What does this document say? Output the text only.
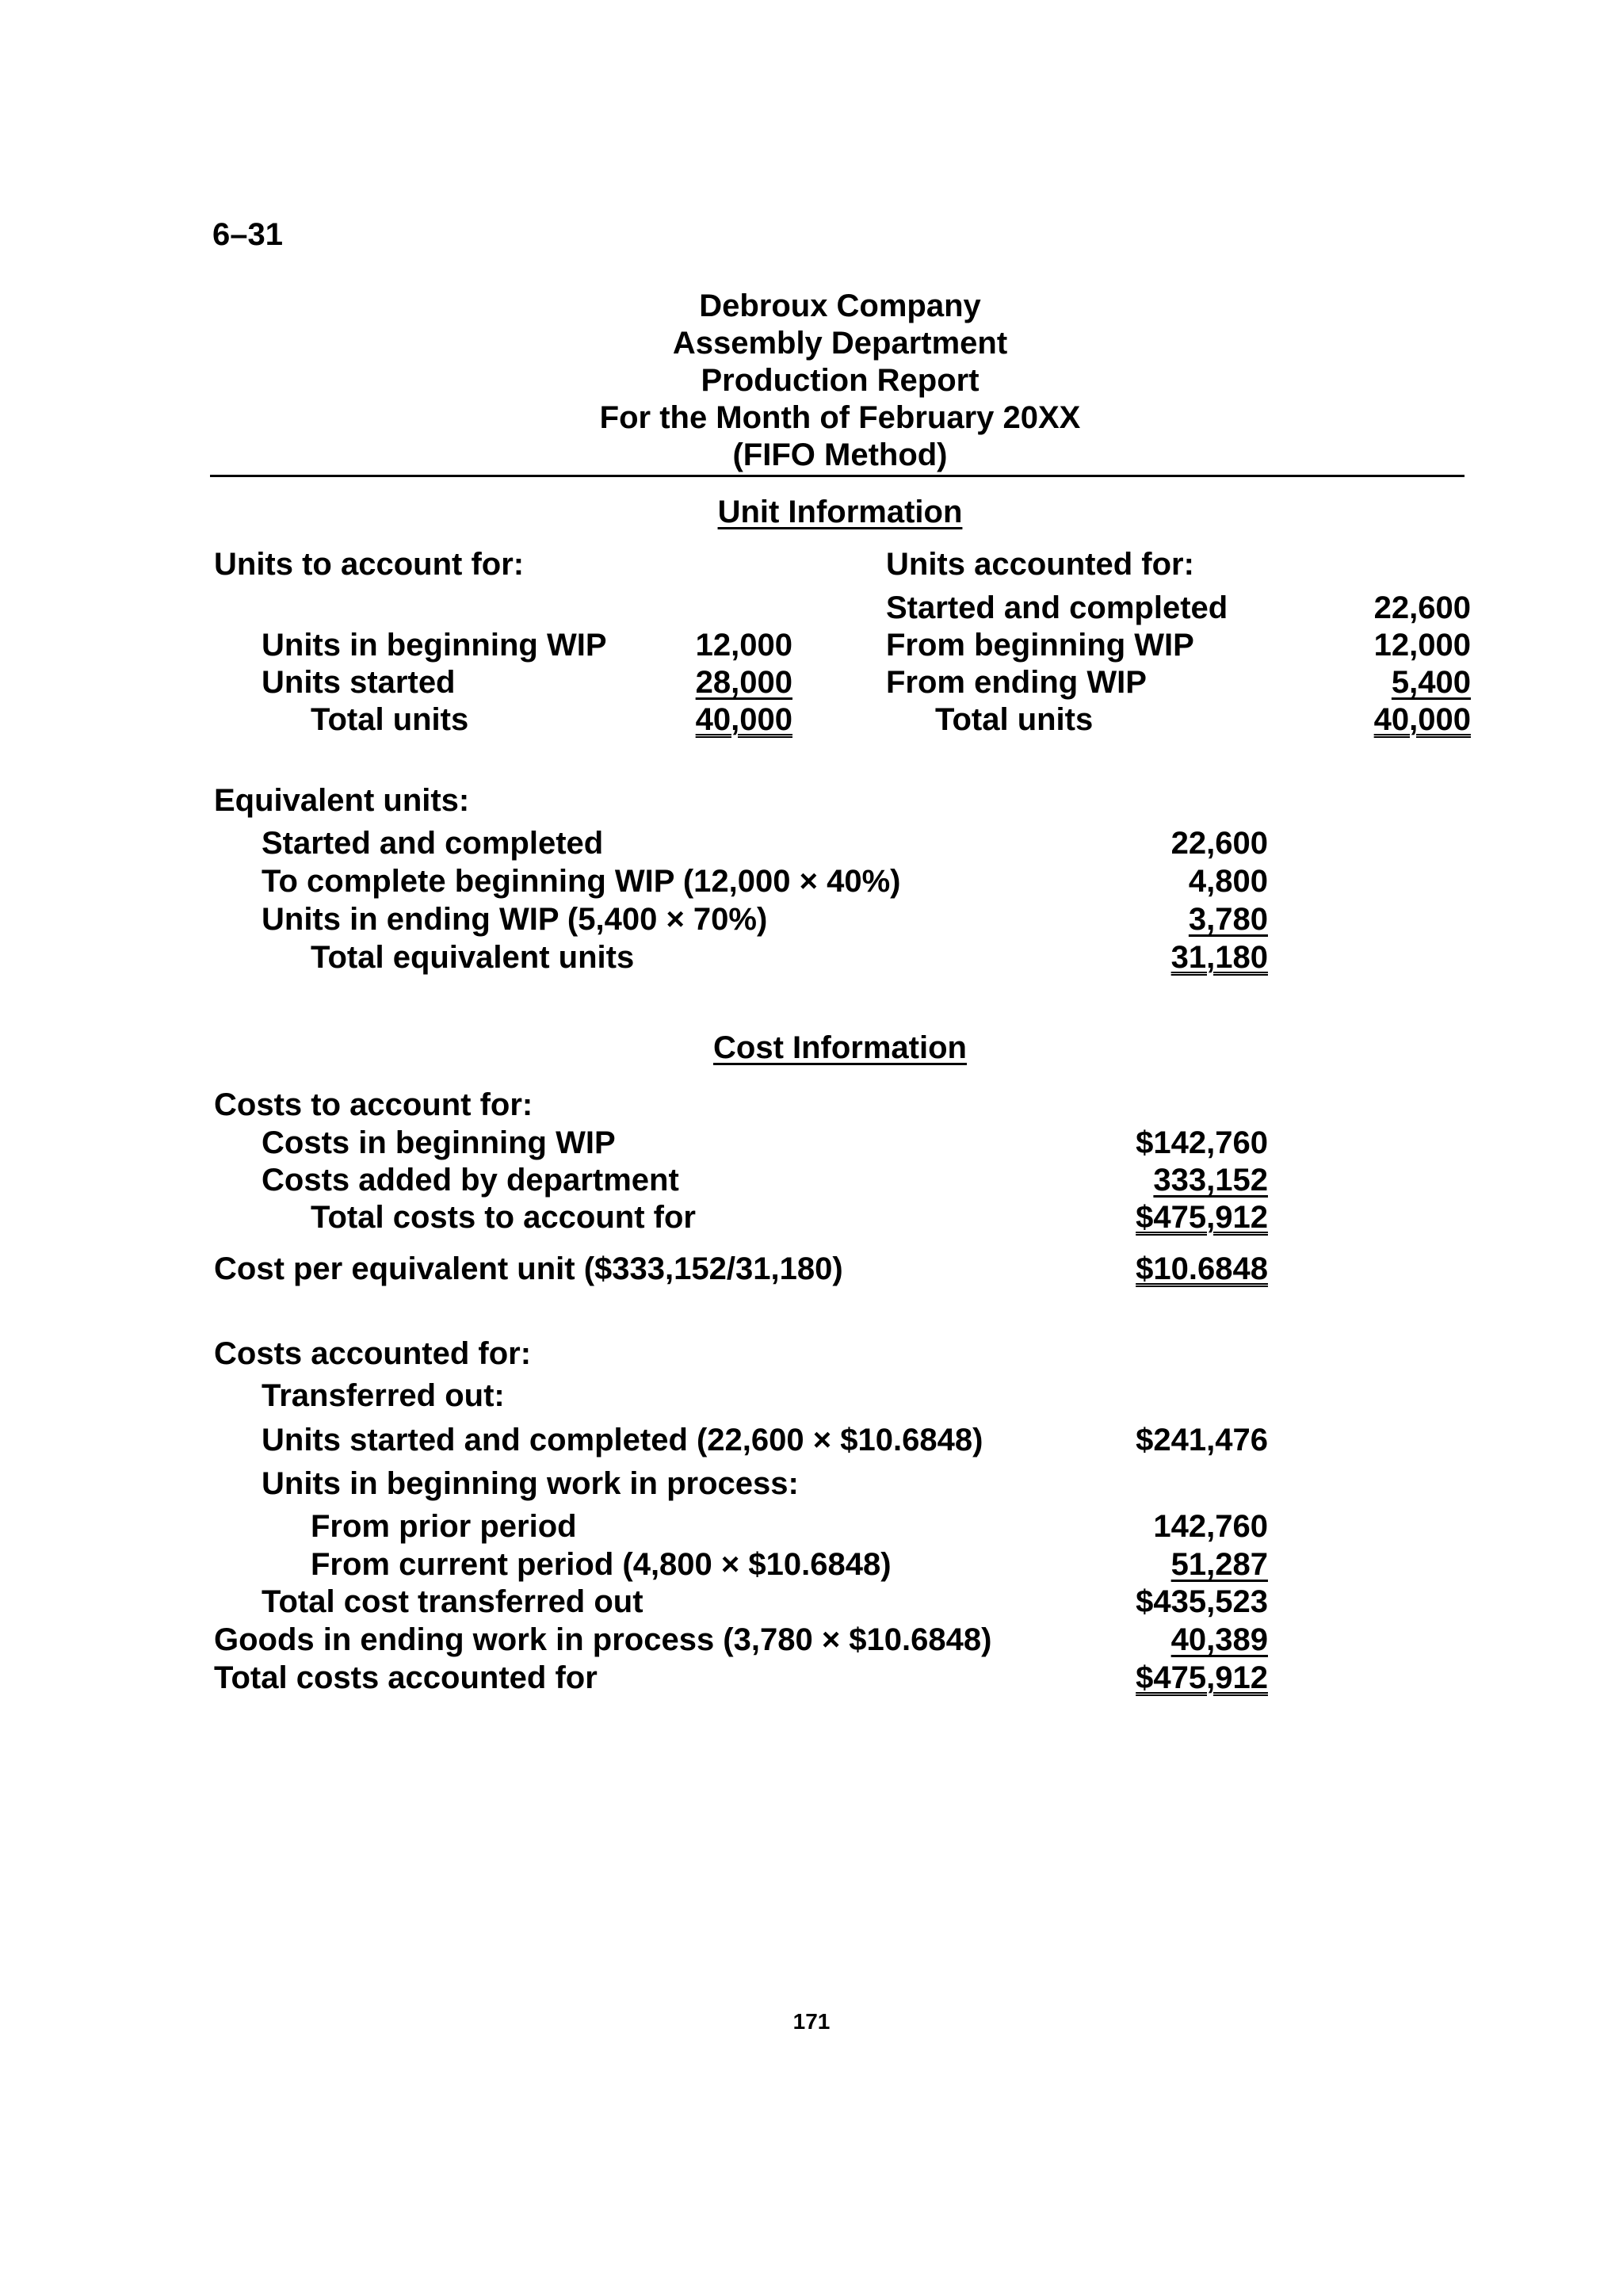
6–31
Debroux Company
Assembly Department
Production Report
For the Month of February 20XX
(FIFO Method)
Unit Information
Units to account for:
Units in beginning WIP	12,000
Units started	28,000
Total units	40,000
Units accounted for:
Started and completed	22,600
From beginning WIP	12,000
From ending WIP	5,400
Total units	40,000
Equivalent units:
Started and completed	22,600
To complete beginning WIP (12,000 × 40%)	4,800
Units in ending WIP (5,400 × 70%)	3,780
Total equivalent units	31,180
Cost Information
Costs to account for:
Costs in beginning WIP	$142,760
Costs added by department	333,152
Total costs to account for	$475,912
Cost per equivalent unit ($333,152/31,180)	$10.6848
Costs accounted for:
Transferred out:
Units started and completed (22,600 × $10.6848)	$241,476
Units in beginning work in process:
From prior period	142,760
From current period (4,800 × $10.6848)	51,287
Total cost transferred out	$435,523
Goods in ending work in process (3,780 × $10.6848)	40,389
Total costs accounted for	$475,912
171
